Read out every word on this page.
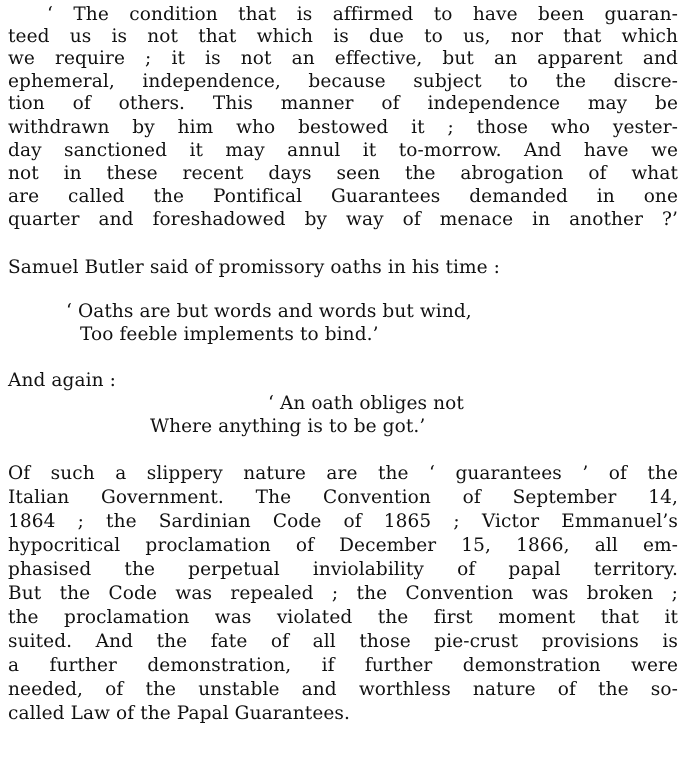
‘ The condition that is affirmed to have been guaran-
teed us is not that which is due to us, nor that which
we require ; it is not an effective, but an apparent and
ephemeral, independence, because subject to the discre-
tion of others. This manner of independence may be
withdrawn by him who bestowed it ; those who yester-
day sanctioned it may annul it to-morrow. And have we
not in these recent days seen the abrogation of what
are called the Pontifical Guarantees demanded in one
quarter and foreshadowed by way of menace in another ?’
Samuel Butler said of promissory oaths in his time :
‘ Oaths are but words and words but wind,
Too feeble implements to bind.’
And again :
‘ An oath obliges not
Where anything is to be got.’
Of such a slippery nature are the ‘ guarantees ’ of the
Italian Government. The Convention of September 14,
1864 ; the Sardinian Code of 1865 ; Victor Emmanuel’s
hypocritical proclamation of December 15, 1866, all em-
phasised the perpetual inviolability of papal territory.
But the Code was repealed ; the Convention was broken ;
the proclamation was violated the first moment that it
suited. And the fate of all those pie-crust provisions is
a further demonstration, if further demonstration were
needed, of the unstable and worthless nature of the so-
called Law of the Papal Guarantees.
